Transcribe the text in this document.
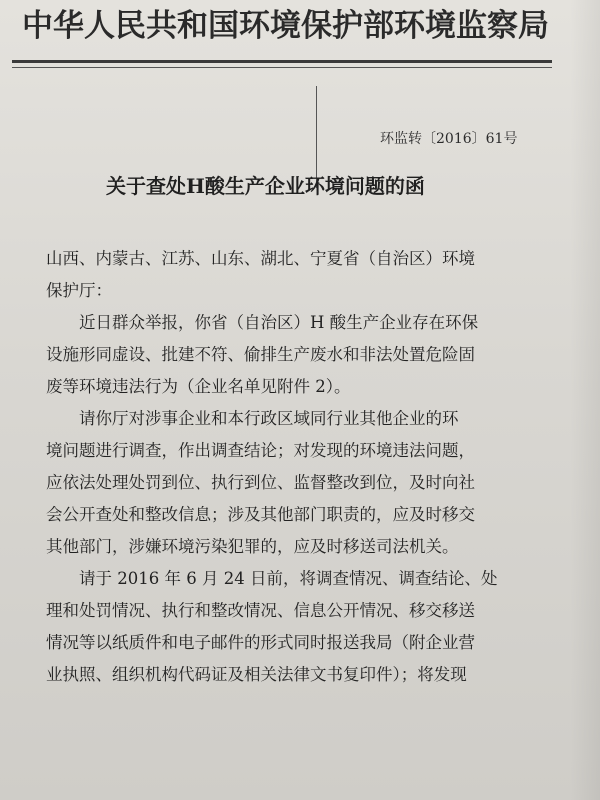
中华人民共和国环境保护部环境监察局
环监转〔2016〕61号
关于查处H酸生产企业环境问题的函

山西、内蒙古、江苏、山东、湖北、宁夏省（自治区）环境

保护厅：

　　近日群众举报，你省（自治区）H 酸生产企业存在环保

设施形同虚设、批建不符、偷排生产废水和非法处置危险固

废等环境违法行为（企业名单见附件 2）。

　　请你厅对涉事企业和本行政区域同行业其他企业的环

境问题进行调查，作出调查结论；对发现的环境违法问题，

应依法处理处罚到位、执行到位、监督整改到位，及时向社

会公开查处和整改信息；涉及其他部门职责的，应及时移交

其他部门，涉嫌环境污染犯罪的，应及时移送司法机关。

　　请于 2016 年 6 月 24 日前，将调查情况、调查结论、处

理和处罚情况、执行和整改情况、信息公开情况、移交移送

情况等以纸质件和电子邮件的形式同时报送我局（附企业营

业执照、组织机构代码证及相关法律文书复印件）；将发现
